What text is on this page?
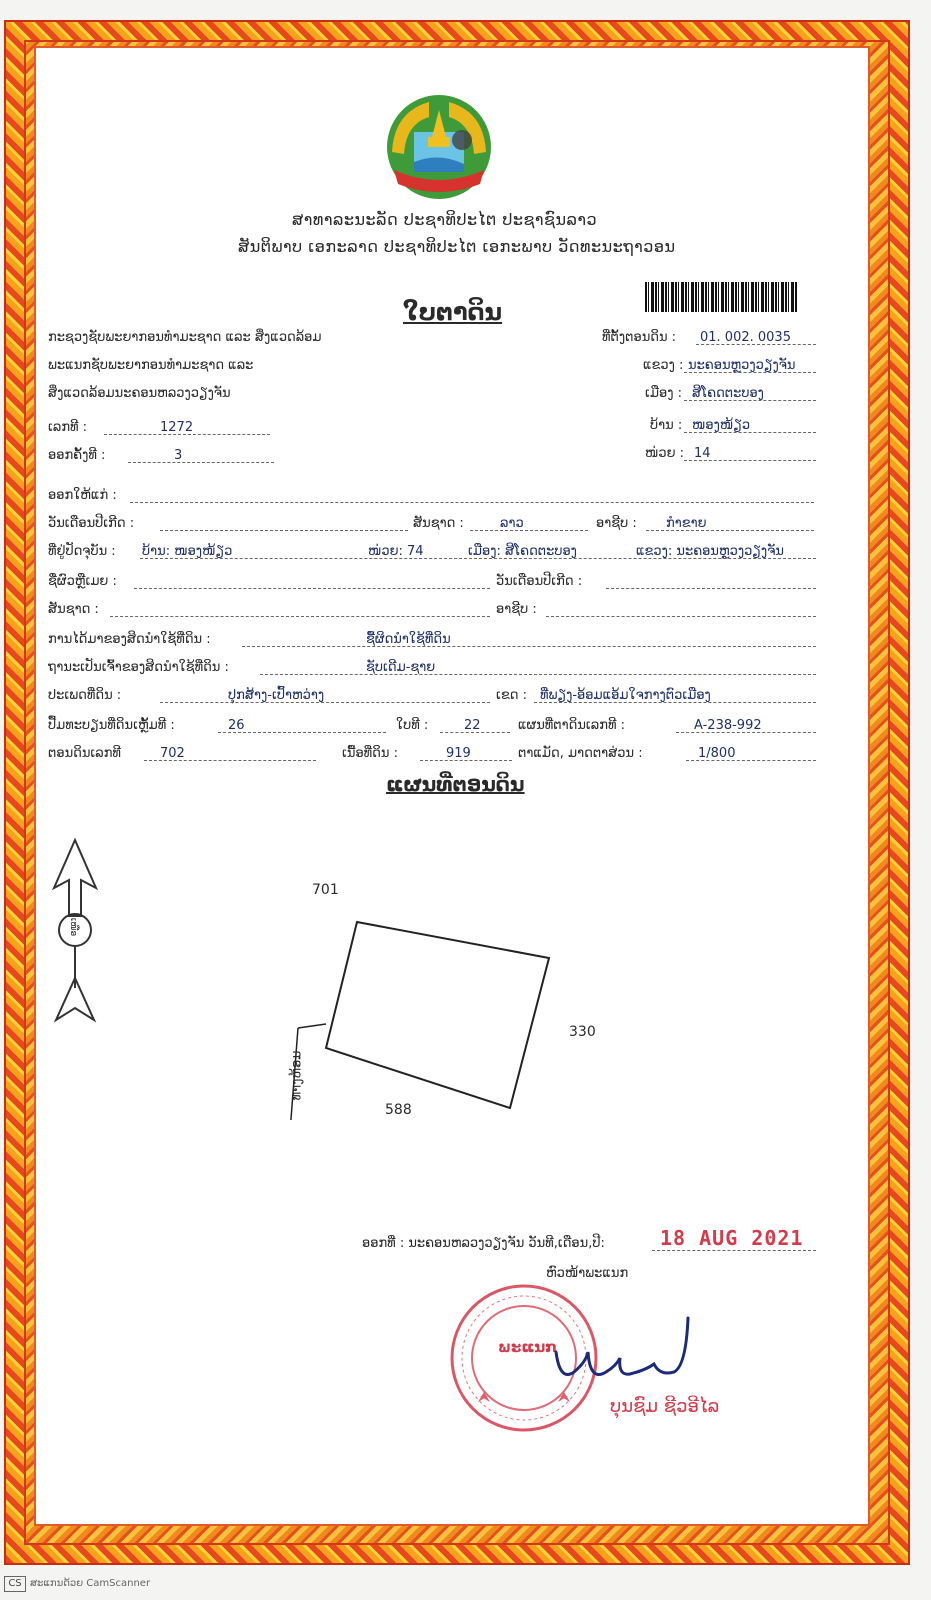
ສາທາລະນະລັດ ປະຊາທິປະໄຕ ປະຊາຊົນລາວ
ສັນຕິພາບ ເອກະລາດ ປະຊາທິປະໄຕ ເອກະພາບ ວັດທະນະຖາວອນ
ໃບຕາດິນ
ກະຊວງຊັບພະຍາກອນທຳມະຊາດ ແລະ ສິ່ງແວດລ້ອມ
ພະແນກຊັບພະຍາກອນທຳມະຊາດ ແລະ
ສິ່ງແວດລ້ອມນະຄອນຫລວງວຽງຈັນ
ເລກທີ :	1272
ອອກຄັ້ງທີ :	3
ທີ່ຕັ້ງຕອນດິນ : 01. 002. 0035
ແຂວງ : ນະຄອນຫຼວງວຽງຈັນ
ເມືອງ : ສີໂຄດຕະບອງ
ບ້ານ : ໜອງໜ້ຽວ
ໜ່ວຍ : 14
ອອກໃຫ້ແກ່ :
ວັນເດືອນປີເກີດ :	ສັນຊາດ :	ລາວ	ອາຊີບ : ກໍາຂາຍ
ທີ່ຢູ່ປັດຈຸບັນ : ບ້ານ: ໜອງໜ້ຽວ	ໜ່ວຍ: 74	ເມືອງ: ສີໂຄດຕະບອງ	ແຂວງ: ນະຄອນຫຼວງວຽງຈັນ
ຊື່ຜົວຫຼືເມຍ :	ວັນເດືອນປີເກີດ :
ສັນຊາດ :	ອາຊີບ :
ການໄດ້ມາຂອງສິດນຳໃຊ້ທີ່ດິນ :	ຊື້ຜິດນຳໃຊ້ທີ່ດິນ
ຖານະເປັນເຈົ້າຂອງສິດນໍາໃຊ້ທີ່ດິນ :	ຊັບເດີມ-ຊາຍ
ປະເພດທີ່ດິນ :	ປຸກສ້າງ-ເປົ້າຫວ່າງ	ເຂດ : ທີ່ພຽງ-ອ້ອມແອ້ມໃຈກາງຕົວເມືອງ
ປື້ມທະບຽນທີ່ດິນເຫຼັ້ມທີ :	26	ໃບທີ :	22	ແຜນທີ່ຕາດິນເລກທີ :	A-238-992
ຕອນດິນເລກທີ	702	ເນື້ອທີ່ດິນ :	919	ຕາແມັດ, ມາດຕາສ່ວນ :	1/800
ແຜນທີ່ຕອນດິນ
ເໜືອ
701
330
588
ທາງຫ້ອມ
ອອກທີ່ : ນະຄອນຫລວງວຽງຈັນ ວັນທີ,ເດືອນ,ປີ:	18 AUG 2021
ຫົວໜ້າພະແນກ
ພະແນກ
ບຸນຊົມ ຊີວອີໄລ
CS ສະແກນດ້ວຍ CamScanner
